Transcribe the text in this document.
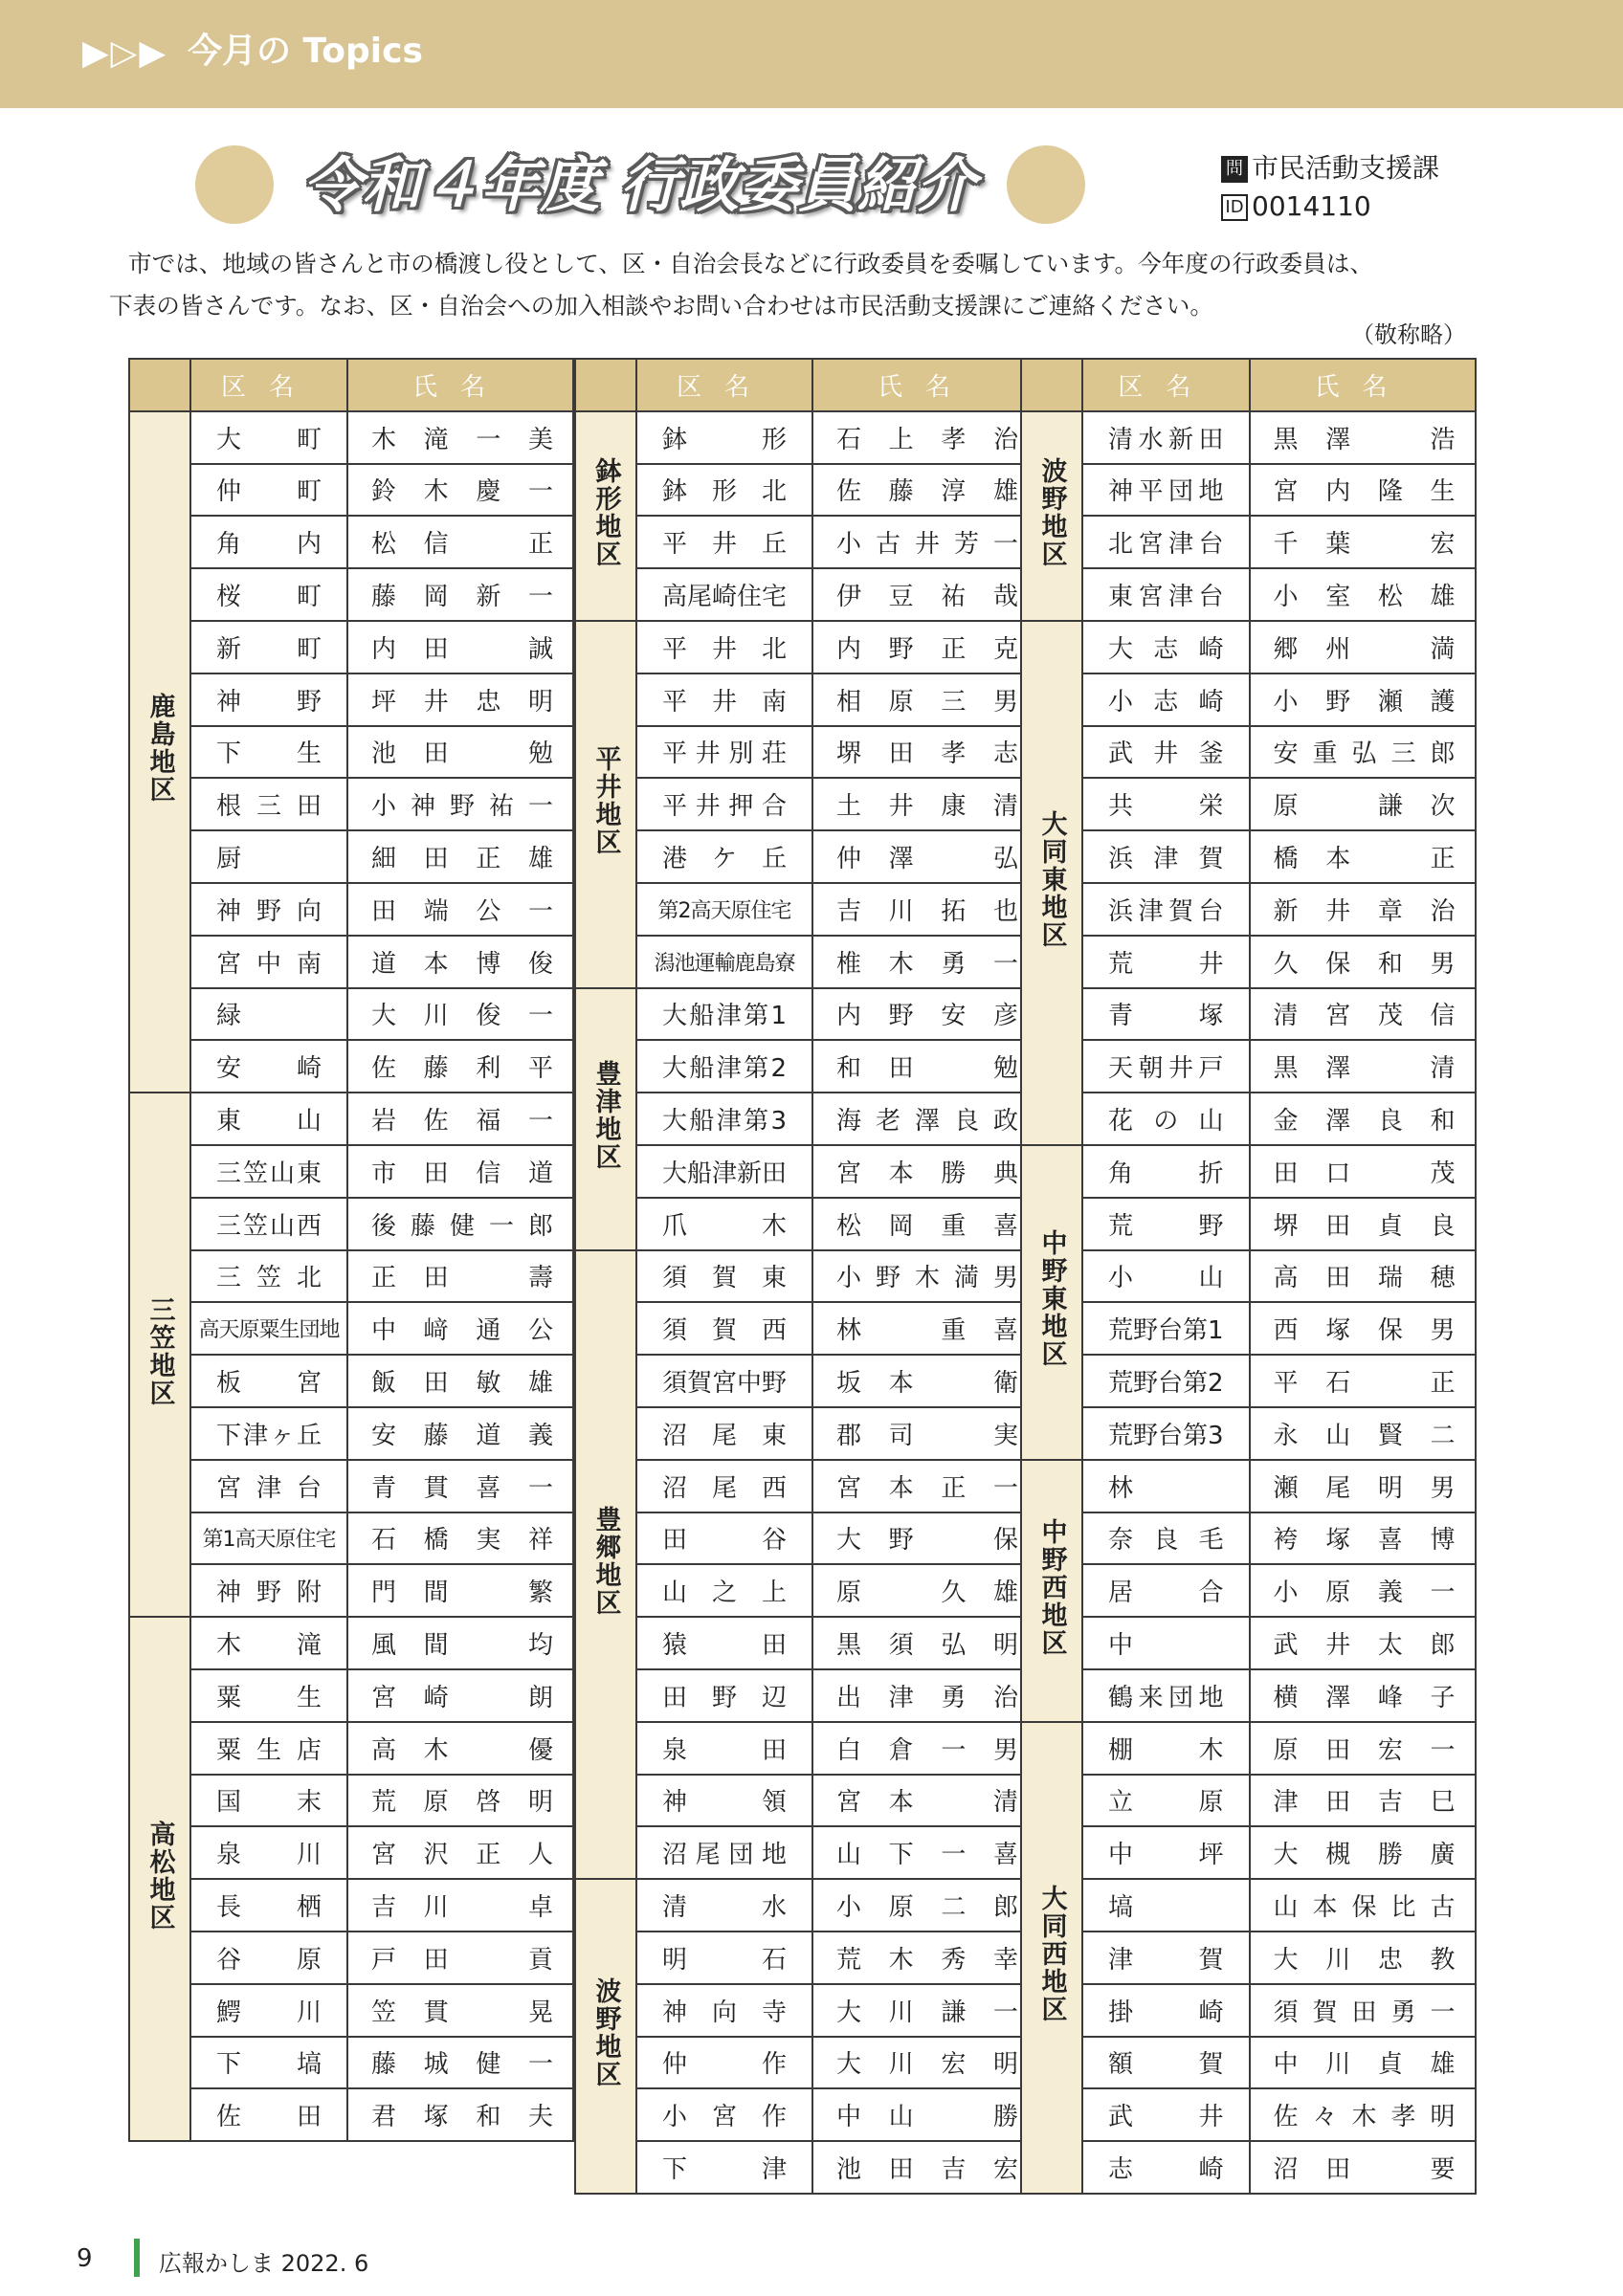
▶▷▶ 今月の Topics
令和４年度 行政委員紹介	問 市民活動支援課
ID 0014110
市では、地域の皆さんと市の橋渡し役として、区・自治会長などに行政委員を委嘱しています。今年度の行政委員は、
下表の皆さんです。なお、区・自治会への加入相談やお問い合わせは市民活動支援課にご連絡ください。
（敬称略）
	区名	氏名
鹿島地区	大町	木滝一美
	仲町	鈴木慶一
	角内	松信　正
	桜町	藤岡新一
	新町	内田　誠
	神野	坪井忠明
	下生	池田　勉
	根三田	小神野祐一
	厨	細田正雄
	神野向	田端公一
	宮中南	道本博俊
	緑	大川俊一
	安崎	佐藤利平
三笠地区	東山	岩佐福一
	三笠山東	市田信道
	三笠山西	後藤健一郎
	三笠北	正田　壽
	高天原粟生団地	中﨑通公
	板宮	飯田敏雄
	下津ヶ丘	安藤道義
	宮津台	青貫喜一
	第1高天原住宅	石橋実祥
	神野附	門間　繁
高松地区	木滝	風間　均
	粟生	宮崎　朗
	粟生店	高木　優
	国末	荒原啓明
	泉川	宮沢正人
	長栖	吉川　卓
	谷原	戸田　貢
	鰐川	笠貫　晃
	下塙	藤城健一
	佐田	君塚和夫
	区名	氏名
鉢形地区	鉢形	石上孝治
	鉢形北	佐藤淳雄
	平井丘	小古井芳一
	高尾崎住宅	伊豆祐哉
平井地区	平井北	内野正克
	平井南	相原三男
	平井別荘	堺田孝志
	平井押合	土井康清
	港ケ丘	仲澤　弘
	第2高天原住宅	吉川拓也
	潟池運輸鹿島寮	椎木勇一
豊津地区	大船津第1	内野安彦
	大船津第2	和田　勉
	大船津第3	海老澤良政
	大船津新田	宮本勝典
	爪木	松岡重喜
豊郷地区	須賀東	小野木満男
	須賀西	林　重喜
	須賀宮中野	坂本　衛
	沼尾東	郡司　実
	沼尾西	宮本正一
	田谷	大野　保
	山之上	原　久雄
	猿田	黒須弘明
	田野辺	出津勇治
	泉田	白倉一男
	神領	宮本　清
	沼尾団地	山下一喜
波野地区	清水	小原二郎
	明石	荒木秀幸
	神向寺	大川謙一
	仲作	大川宏明
	小宮作	中山　勝
	下津	池田吉宏
	区名	氏名
波野地区	清水新田	黒澤　浩
	神平団地	宮内隆生
	北宮津台	千葉　宏
	東宮津台	小室松雄
大同東地区	大志崎	郷州　満
	小志崎	小野瀬護
	武井釜	安重弘三郎
	共栄	原　謙次
	浜津賀	橋本　正
	浜津賀台	新井章治
	荒井	久保和男
	青塚	清宮茂信
	天朝井戸	黒澤　清
	花の山	金澤良和
中野東地区	角折	田口　茂
	荒野	堺田貞良
	小山	高田瑞穂
	荒野台第1	西塚保男
	荒野台第2	平石　正
	荒野台第3	永山賢二
中野西地区	林	瀬尾明男
	奈良毛	袴塚喜博
	居合	小原義一
	中	武井太郎
	鶴来団地	横澤峰子
大同西地区	棚木	原田宏一
	立原	津田吉巳
	中坪	大槻勝廣
	塙	山本保比古
	津賀	大川忠教
	掛崎	須賀田勇一
	額賀	中川貞雄
	武井	佐々木孝明
	志崎	沼田　要
9	広報かしま 2022. 6
